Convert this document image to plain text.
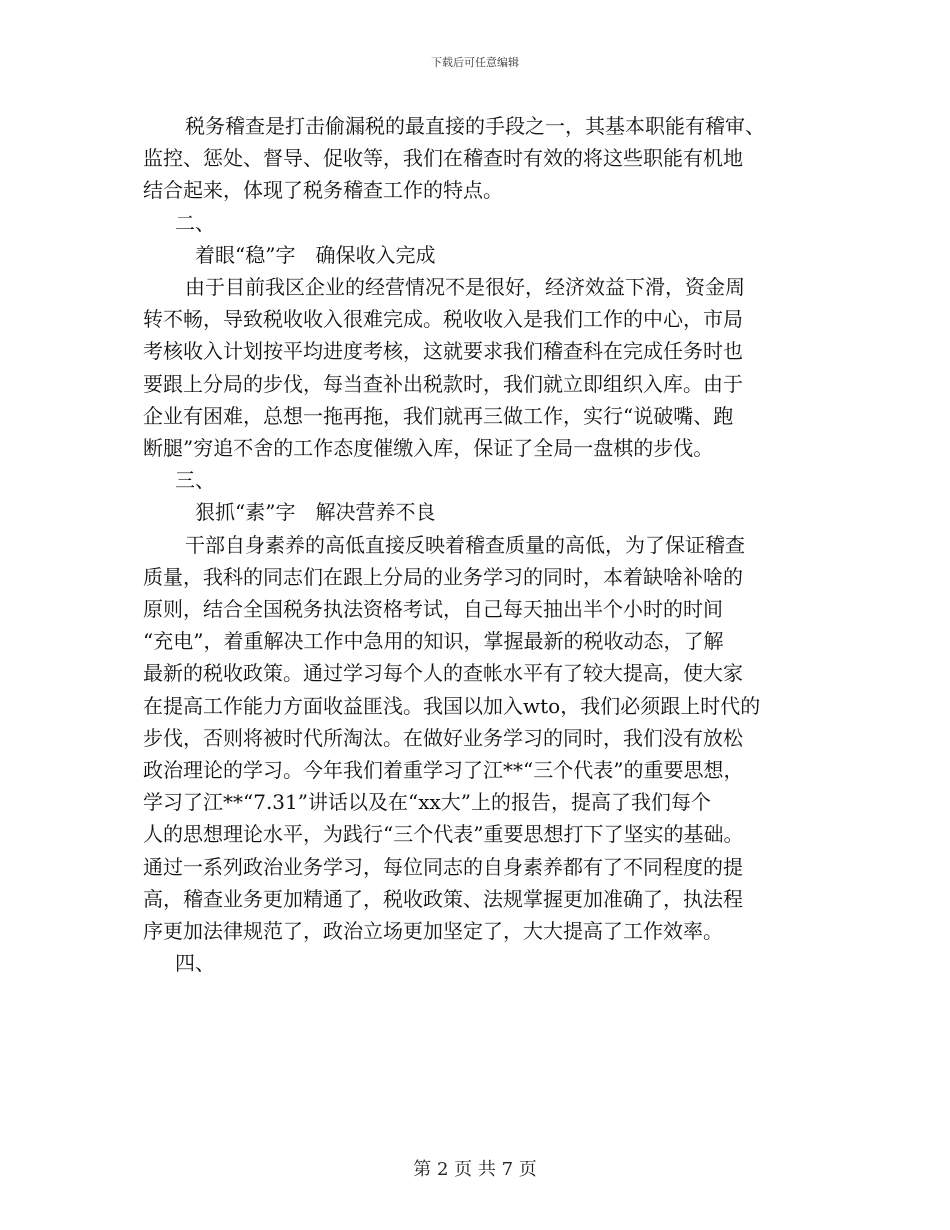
下载后可任意编辑
税务稽查是打击偷漏税的最直接的手段之一，其基本职能有稽审、
监控、惩处、督导、促收等，我们在稽查时有效的将这些职能有机地
结合起来，体现了税务稽查工作的特点。
二、
着眼“稳”字　确保收入完成
由于目前我区企业的经营情况不是很好，经济效益下滑，资金周
转不畅，导致税收收入很难完成。税收收入是我们工作的中心，市局
考核收入计划按平均进度考核，这就要求我们稽查科在完成任务时也
要跟上分局的步伐，每当查补出税款时，我们就立即组织入库。由于
企业有困难，总想一拖再拖，我们就再三做工作，实行“说破嘴、跑
断腿”穷追不舍的工作态度催缴入库，保证了全局一盘棋的步伐。
三、
狠抓“素”字　解决营养不良
干部自身素养的高低直接反映着稽查质量的高低，为了保证稽查
质量，我科的同志们在跟上分局的业务学习的同时，本着缺啥补啥的
原则，结合全国税务执法资格考试，自己每天抽出半个小时的时间
“充电”，着重解决工作中急用的知识，掌握最新的税收动态，了解
最新的税收政策。通过学习每个人的查帐水平有了较大提高，使大家
在提高工作能力方面收益匪浅。我国以加入wto，我们必须跟上时代的
步伐，否则将被时代所淘汰。在做好业务学习的同时，我们没有放松
政治理论的学习。今年我们着重学习了江**“三个代表”的重要思想，
学习了江**“7.31”讲话以及在“xx大”上的报告，提高了我们每个
人的思想理论水平，为践行“三个代表”重要思想打下了坚实的基础。
通过一系列政治业务学习，每位同志的自身素养都有了不同程度的提
高，稽查业务更加精通了，税收政策、法规掌握更加准确了，执法程
序更加法律规范了，政治立场更加坚定了，大大提高了工作效率。
四、
第 2 页 共 7 页
